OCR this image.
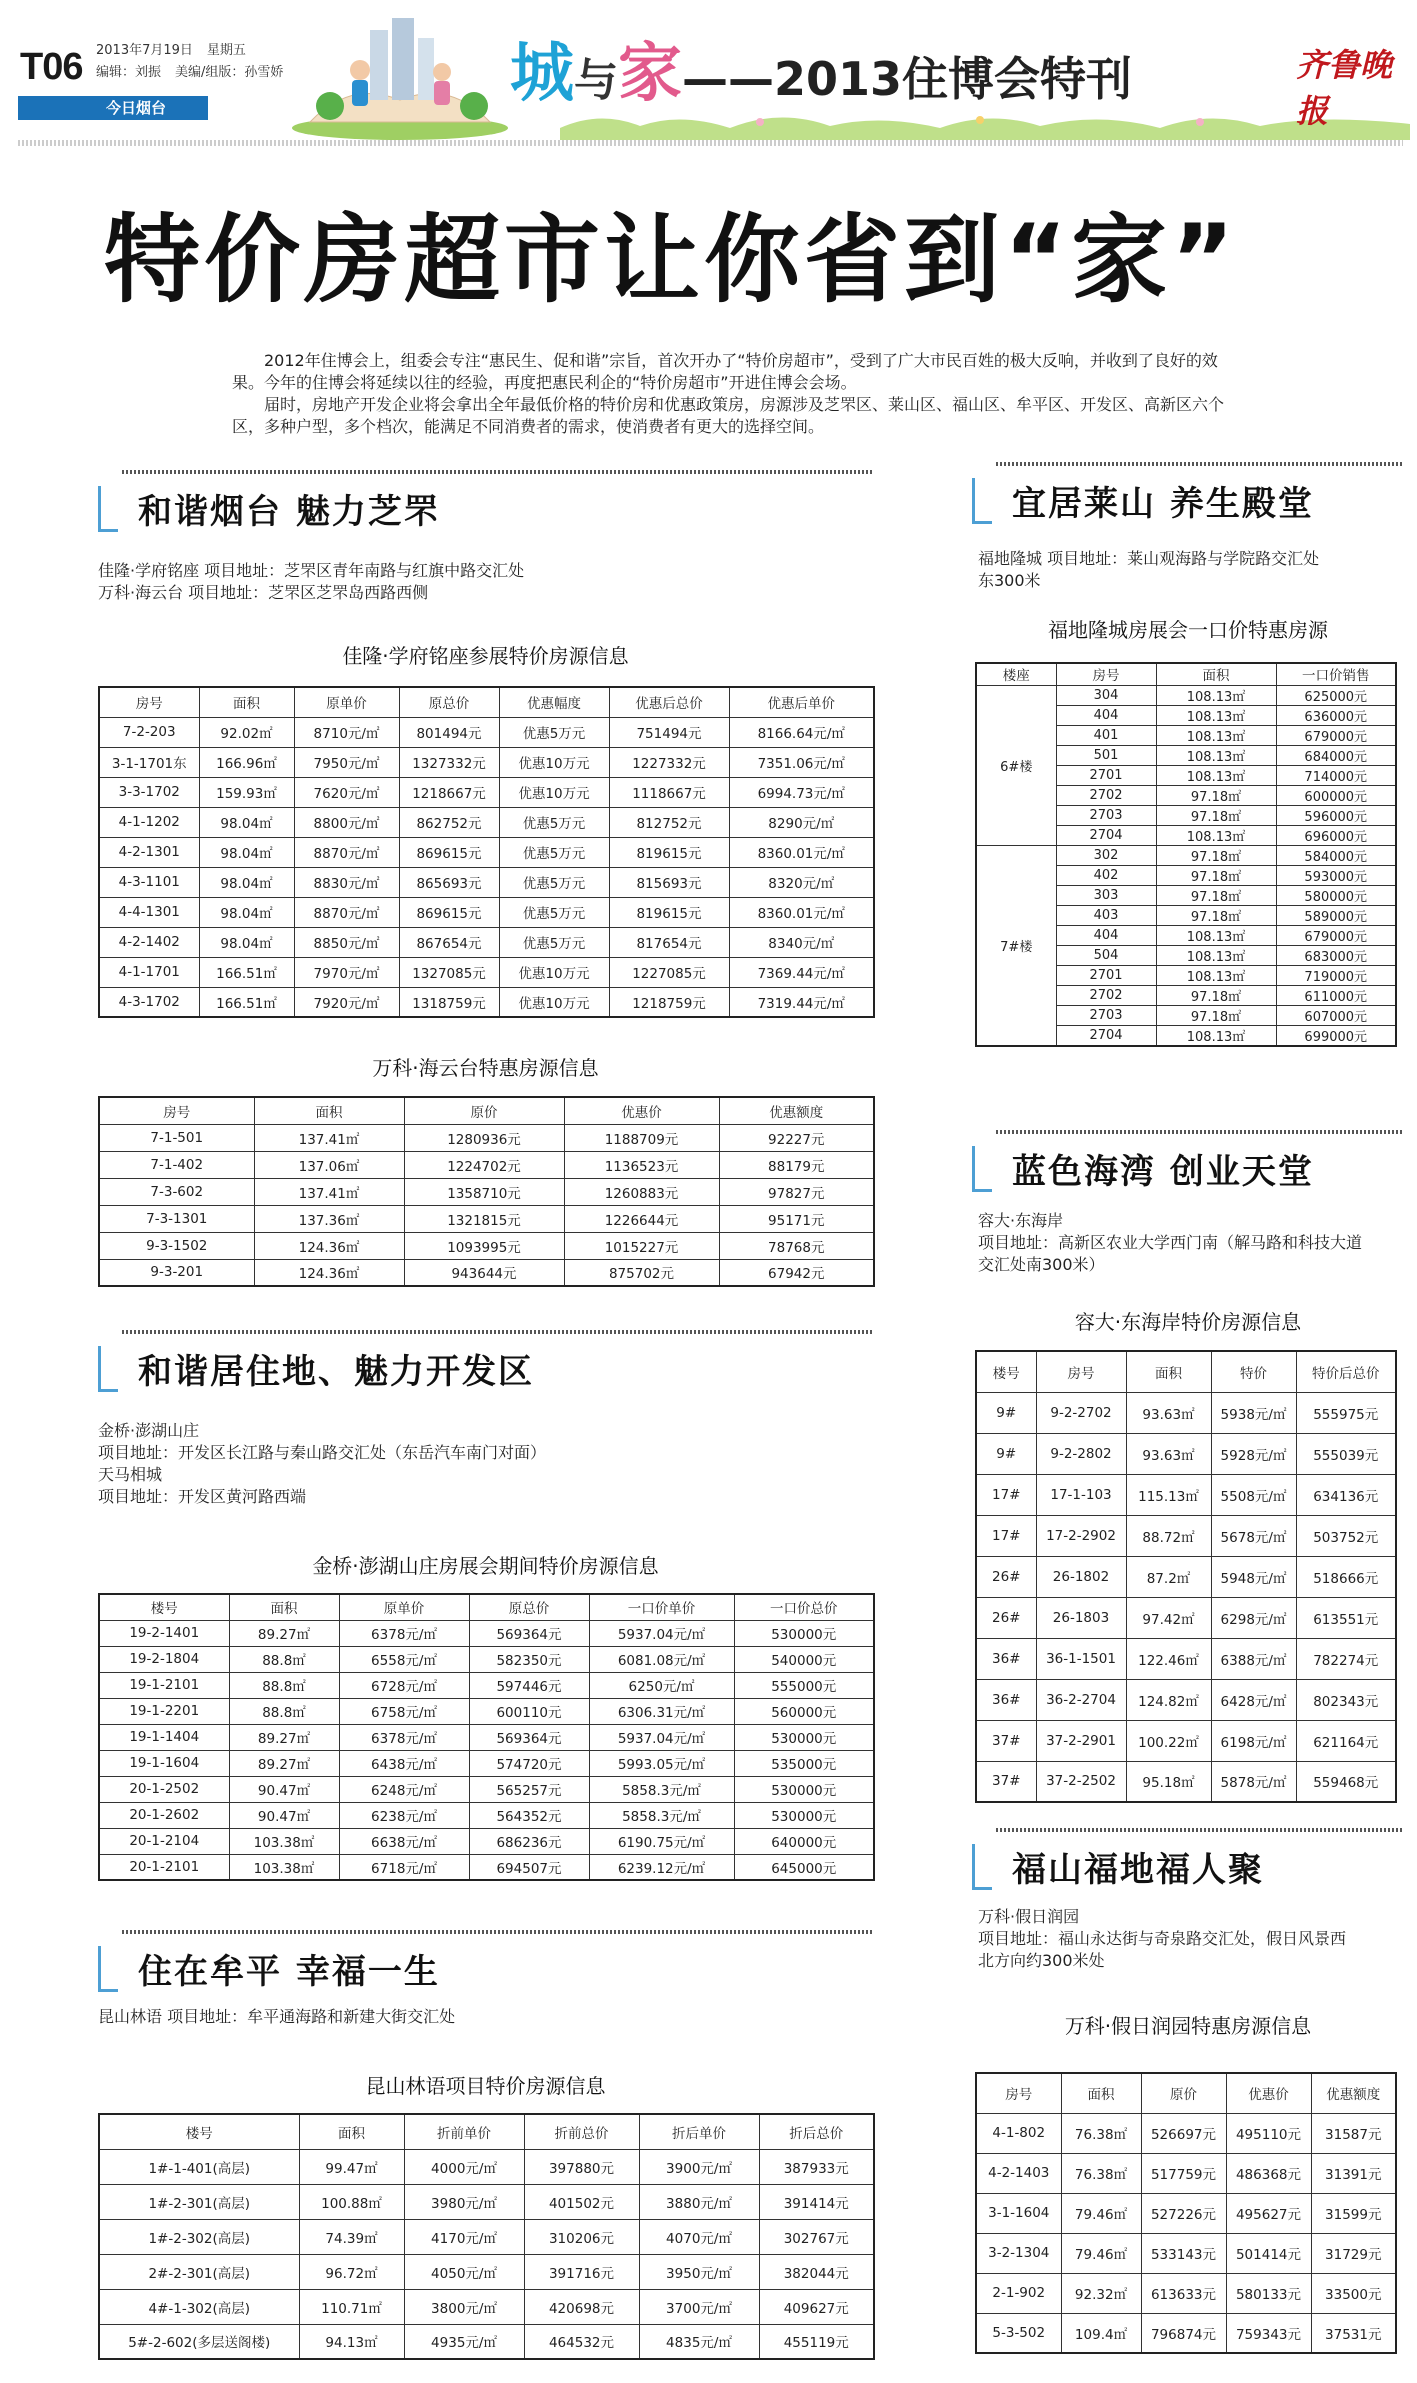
T06 2013年7月19日 星期五
编辑：刘振 美编/组版：孙雪娇
今日烟台	城与家——2013住博会特刊	齐鲁晚报
特价房超市让你省到“家”

2012年住博会上，组委会专注“惠民生、促和谐”宗旨，首次开办了“特价房超市”，受到了广大市民百姓的极大反响，并收到了良好的效果。今年的住博会将延续以往的经验，再度把惠民利企的“特价房超市”开进住博会会场。

届时，房地产开发企业将会拿出全年最低价格的特价房和优惠政策房，房源涉及芝罘区、莱山区、福山区、牟平区、开发区、高新区六个区，多种户型，多个档次，能满足不同消费者的需求，使消费者有更大的选择空间。

和谐烟台 魅力芝罘
佳隆·学府铭座 项目地址：芝罘区青年南路与红旗中路交汇处
万科·海云台 项目地址：芝罘区芝罘岛西路西侧
佳隆·学府铭座参展特价房源信息
房号	面积	原单价	原总价	优惠幅度	优惠后总价	优惠后单价
7-2-203	92.02㎡	8710元/㎡	801494元	优惠5万元	751494元	8166.64元/㎡
3-1-1701东	166.96㎡	7950元/㎡	1327332元	优惠10万元	1227332元	7351.06元/㎡
3-3-1702	159.93㎡	7620元/㎡	1218667元	优惠10万元	1118667元	6994.73元/㎡
4-1-1202	98.04㎡	8800元/㎡	862752元	优惠5万元	812752元	8290元/㎡
4-2-1301	98.04㎡	8870元/㎡	869615元	优惠5万元	819615元	8360.01元/㎡
4-3-1101	98.04㎡	8830元/㎡	865693元	优惠5万元	815693元	8320元/㎡
4-4-1301	98.04㎡	8870元/㎡	869615元	优惠5万元	819615元	8360.01元/㎡
4-2-1402	98.04㎡	8850元/㎡	867654元	优惠5万元	817654元	8340元/㎡
4-1-1701	166.51㎡	7970元/㎡	1327085元	优惠10万元	1227085元	7369.44元/㎡
4-3-1702	166.51㎡	7920元/㎡	1318759元	优惠10万元	1218759元	7319.44元/㎡
万科·海云台特惠房源信息
房号	面积	原价	优惠价	优惠额度
7-1-501	137.41㎡	1280936元	1188709元	92227元
7-1-402	137.06㎡	1224702元	1136523元	88179元
7-3-602	137.41㎡	1358710元	1260883元	97827元
7-3-1301	137.36㎡	1321815元	1226644元	95171元
9-3-1502	124.36㎡	1093995元	1015227元	78768元
9-3-201	124.36㎡	943644元	875702元	67942元
和谐居住地、魅力开发区
金桥·澎湖山庄
项目地址：开发区长江路与秦山路交汇处（东岳汽车南门对面）
天马相城
项目地址：开发区黄河路西端
金桥·澎湖山庄房展会期间特价房源信息
楼号	面积	原单价	原总价	一口价单价	一口价总价
19-2-1401	89.27㎡	6378元/㎡	569364元	5937.04元/㎡	530000元
19-2-1804	88.8㎡	6558元/㎡	582350元	6081.08元/㎡	540000元
19-1-2101	88.8㎡	6728元/㎡	597446元	6250元/㎡	555000元
19-1-2201	88.8㎡	6758元/㎡	600110元	6306.31元/㎡	560000元
19-1-1404	89.27㎡	6378元/㎡	569364元	5937.04元/㎡	530000元
19-1-1604	89.27㎡	6438元/㎡	574720元	5993.05元/㎡	535000元
20-1-2502	90.47㎡	6248元/㎡	565257元	5858.3元/㎡	530000元
20-1-2602	90.47㎡	6238元/㎡	564352元	5858.3元/㎡	530000元
20-1-2104	103.38㎡	6638元/㎡	686236元	6190.75元/㎡	640000元
20-1-2101	103.38㎡	6718元/㎡	694507元	6239.12元/㎡	645000元
住在牟平 幸福一生
昆山林语 项目地址：牟平通海路和新建大街交汇处
昆山林语项目特价房源信息
楼号	面积	折前单价	折前总价	折后单价	折后总价
1#-1-401(高层)	99.47㎡	4000元/㎡	397880元	3900元/㎡	387933元
1#-2-301(高层)	100.88㎡	3980元/㎡	401502元	3880元/㎡	391414元
1#-2-302(高层)	74.39㎡	4170元/㎡	310206元	4070元/㎡	302767元
2#-2-301(高层)	96.72㎡	4050元/㎡	391716元	3950元/㎡	382044元
4#-1-302(高层)	110.71㎡	3800元/㎡	420698元	3700元/㎡	409627元
5#-2-602(多层送阁楼)	94.13㎡	4935元/㎡	464532元	4835元/㎡	455119元
宜居莱山 养生殿堂
福地隆城 项目地址：莱山观海路与学院路交汇处
东300米
福地隆城房展会一口价特惠房源
楼座	房号	面积	一口价销售
6#楼	304	108.13㎡	625000元
	404	108.13㎡	636000元
	401	108.13㎡	679000元
	501	108.13㎡	684000元
	2701	108.13㎡	714000元
	2702	97.18㎡	600000元
	2703	97.18㎡	596000元
	2704	108.13㎡	696000元
7#楼	302	97.18㎡	584000元
	402	97.18㎡	593000元
	303	97.18㎡	580000元
	403	97.18㎡	589000元
	404	108.13㎡	679000元
	504	108.13㎡	683000元
	2701	108.13㎡	719000元
	2702	97.18㎡	611000元
	2703	97.18㎡	607000元
	2704	108.13㎡	699000元
蓝色海湾 创业天堂
容大·东海岸
项目地址：高新区农业大学西门南（解马路和科技大道
交汇处南300米）
容大·东海岸特价房源信息
楼号	房号	面积	特价	特价后总价
9#	9-2-2702	93.63㎡	5938元/㎡	555975元
9#	9-2-2802	93.63㎡	5928元/㎡	555039元
17#	17-1-103	115.13㎡	5508元/㎡	634136元
17#	17-2-2902	88.72㎡	5678元/㎡	503752元
26#	26-1802	87.2㎡	5948元/㎡	518666元
26#	26-1803	97.42㎡	6298元/㎡	613551元
36#	36-1-1501	122.46㎡	6388元/㎡	782274元
36#	36-2-2704	124.82㎡	6428元/㎡	802343元
37#	37-2-2901	100.22㎡	6198元/㎡	621164元
37#	37-2-2502	95.18㎡	5878元/㎡	559468元
福山福地福人聚
万科·假日润园
项目地址：福山永达街与奇泉路交汇处，假日风景西
北方向约300米处
万科·假日润园特惠房源信息
房号	面积	原价	优惠价	优惠额度
4-1-802	76.38㎡	526697元	495110元	31587元
4-2-1403	76.38㎡	517759元	486368元	31391元
3-1-1604	79.46㎡	527226元	495627元	31599元
3-2-1304	79.46㎡	533143元	501414元	31729元
2-1-902	92.32㎡	613633元	580133元	33500元
5-3-502	109.4㎡	796874元	759343元	37531元
